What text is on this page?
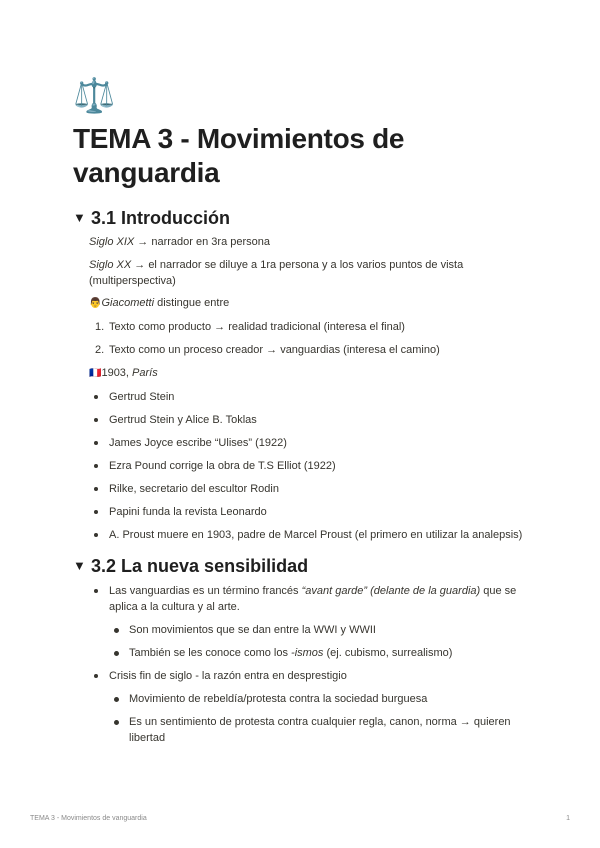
⚖️
TEMA 3 - Movimientos de vanguardia
▼ 3.1 Introducción

Siglo XIX → narrador en 3ra persona

Siglo XX → el narrador se diluye a 1ra persona y a los varios puntos de vista (multiperspectiva)

👨Giacometti distingue entre

1. Texto como producto → realidad tradicional (interesa el final)
2. Texto como un proceso creador → vanguardias (interesa el camino)

🇫🇷1903, París

Gertrud Stein
Gertrud Stein y Alice B. Toklas
James Joyce escribe “Ulises” (1922)
Ezra Pound corrige la obra de T.S Elliot (1922)
Rilke, secretario del escultor Rodin
Papini funda la revista Leonardo
A. Proust muere en 1903, padre de Marcel Proust (el primero en utilizar la analepsis)
▼ 3.2 La nueva sensibilidad
Las vanguardias es un término francés “avant garde” (delante de la guardia) que se aplica a la cultura y al arte.
Son movimientos que se dan entre la WWI y WWII
También se les conoce como los -ismos (ej. cubismo, surrealismo)
Crisis fin de siglo - la razón entra en desprestigio
Movimiento de rebeldía/protesta contra la sociedad burguesa
Es un sentimiento de protesta contra cualquier regla, canon, norma → quieren libertad
TEMA 3 - Movimientos de vanguardia	1
